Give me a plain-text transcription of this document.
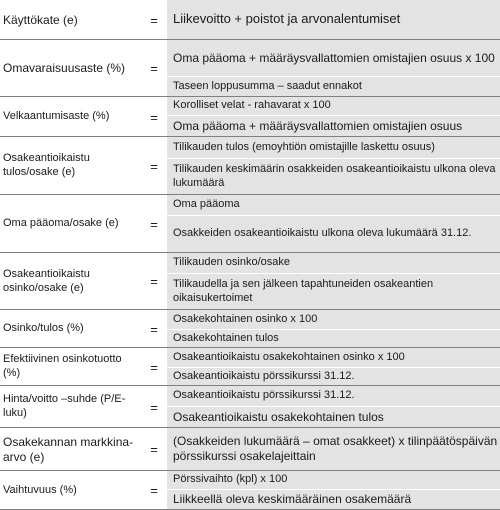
Käyttökate (e)	=	Liikevoitto + poistot ja arvonalentumiset
Omavaraisuusaste (%)	=
Oma pääoma + määräysvallattomien omistajien osuus x 100
Taseen loppusumma – saadut ennakot
Velkaantumisaste (%)	=
Korolliset velat - rahavarat x 100
Oma pääoma + määräysvallattomien omistajien osuus
Osakeantioikaistu tulos/osake (e)	=
Tilikauden tulos (emoyhtiön omistajille laskettu osuus)
Tilikauden keskimäärin osakkeiden osakeantioikaistu ulkona oleva lukumäärä
Oma pääoma/osake (e)	=
Oma pääoma
Osakkeiden osakeantioikaistu ulkona oleva lukumäärä 31.12.
Osakeantioikaistu osinko/osake (e)	=
Tilikauden osinko/osake
Tilikaudella ja sen jälkeen tapahtuneiden osakeantien oikaisukertoimet
Osinko/tulos (%)	=
Osakekohtainen osinko x 100
Osakekohtainen tulos
Efektiivinen osinkotuotto (%)	=
Osakeantioikaistu osakekohtainen osinko x 100
Osakeantioikaistu pörssikurssi 31.12.
Hinta/voitto –suhde (P/E-luku)	=
Osakeantioikaistu pörssikurssi 31.12.
Osakeantioikaistu osakekohtainen tulos
Osakekannan markkina-arvo (e)	=
(Osakkeiden lukumäärä – omat osakkeet) x tilinpäätöspäivän pörssikurssi osakelajeittain
Vaihtuvuus (%)	=
Pörssivaihto (kpl) x 100
Liikkeellä oleva keskimääräinen osakemäärä
